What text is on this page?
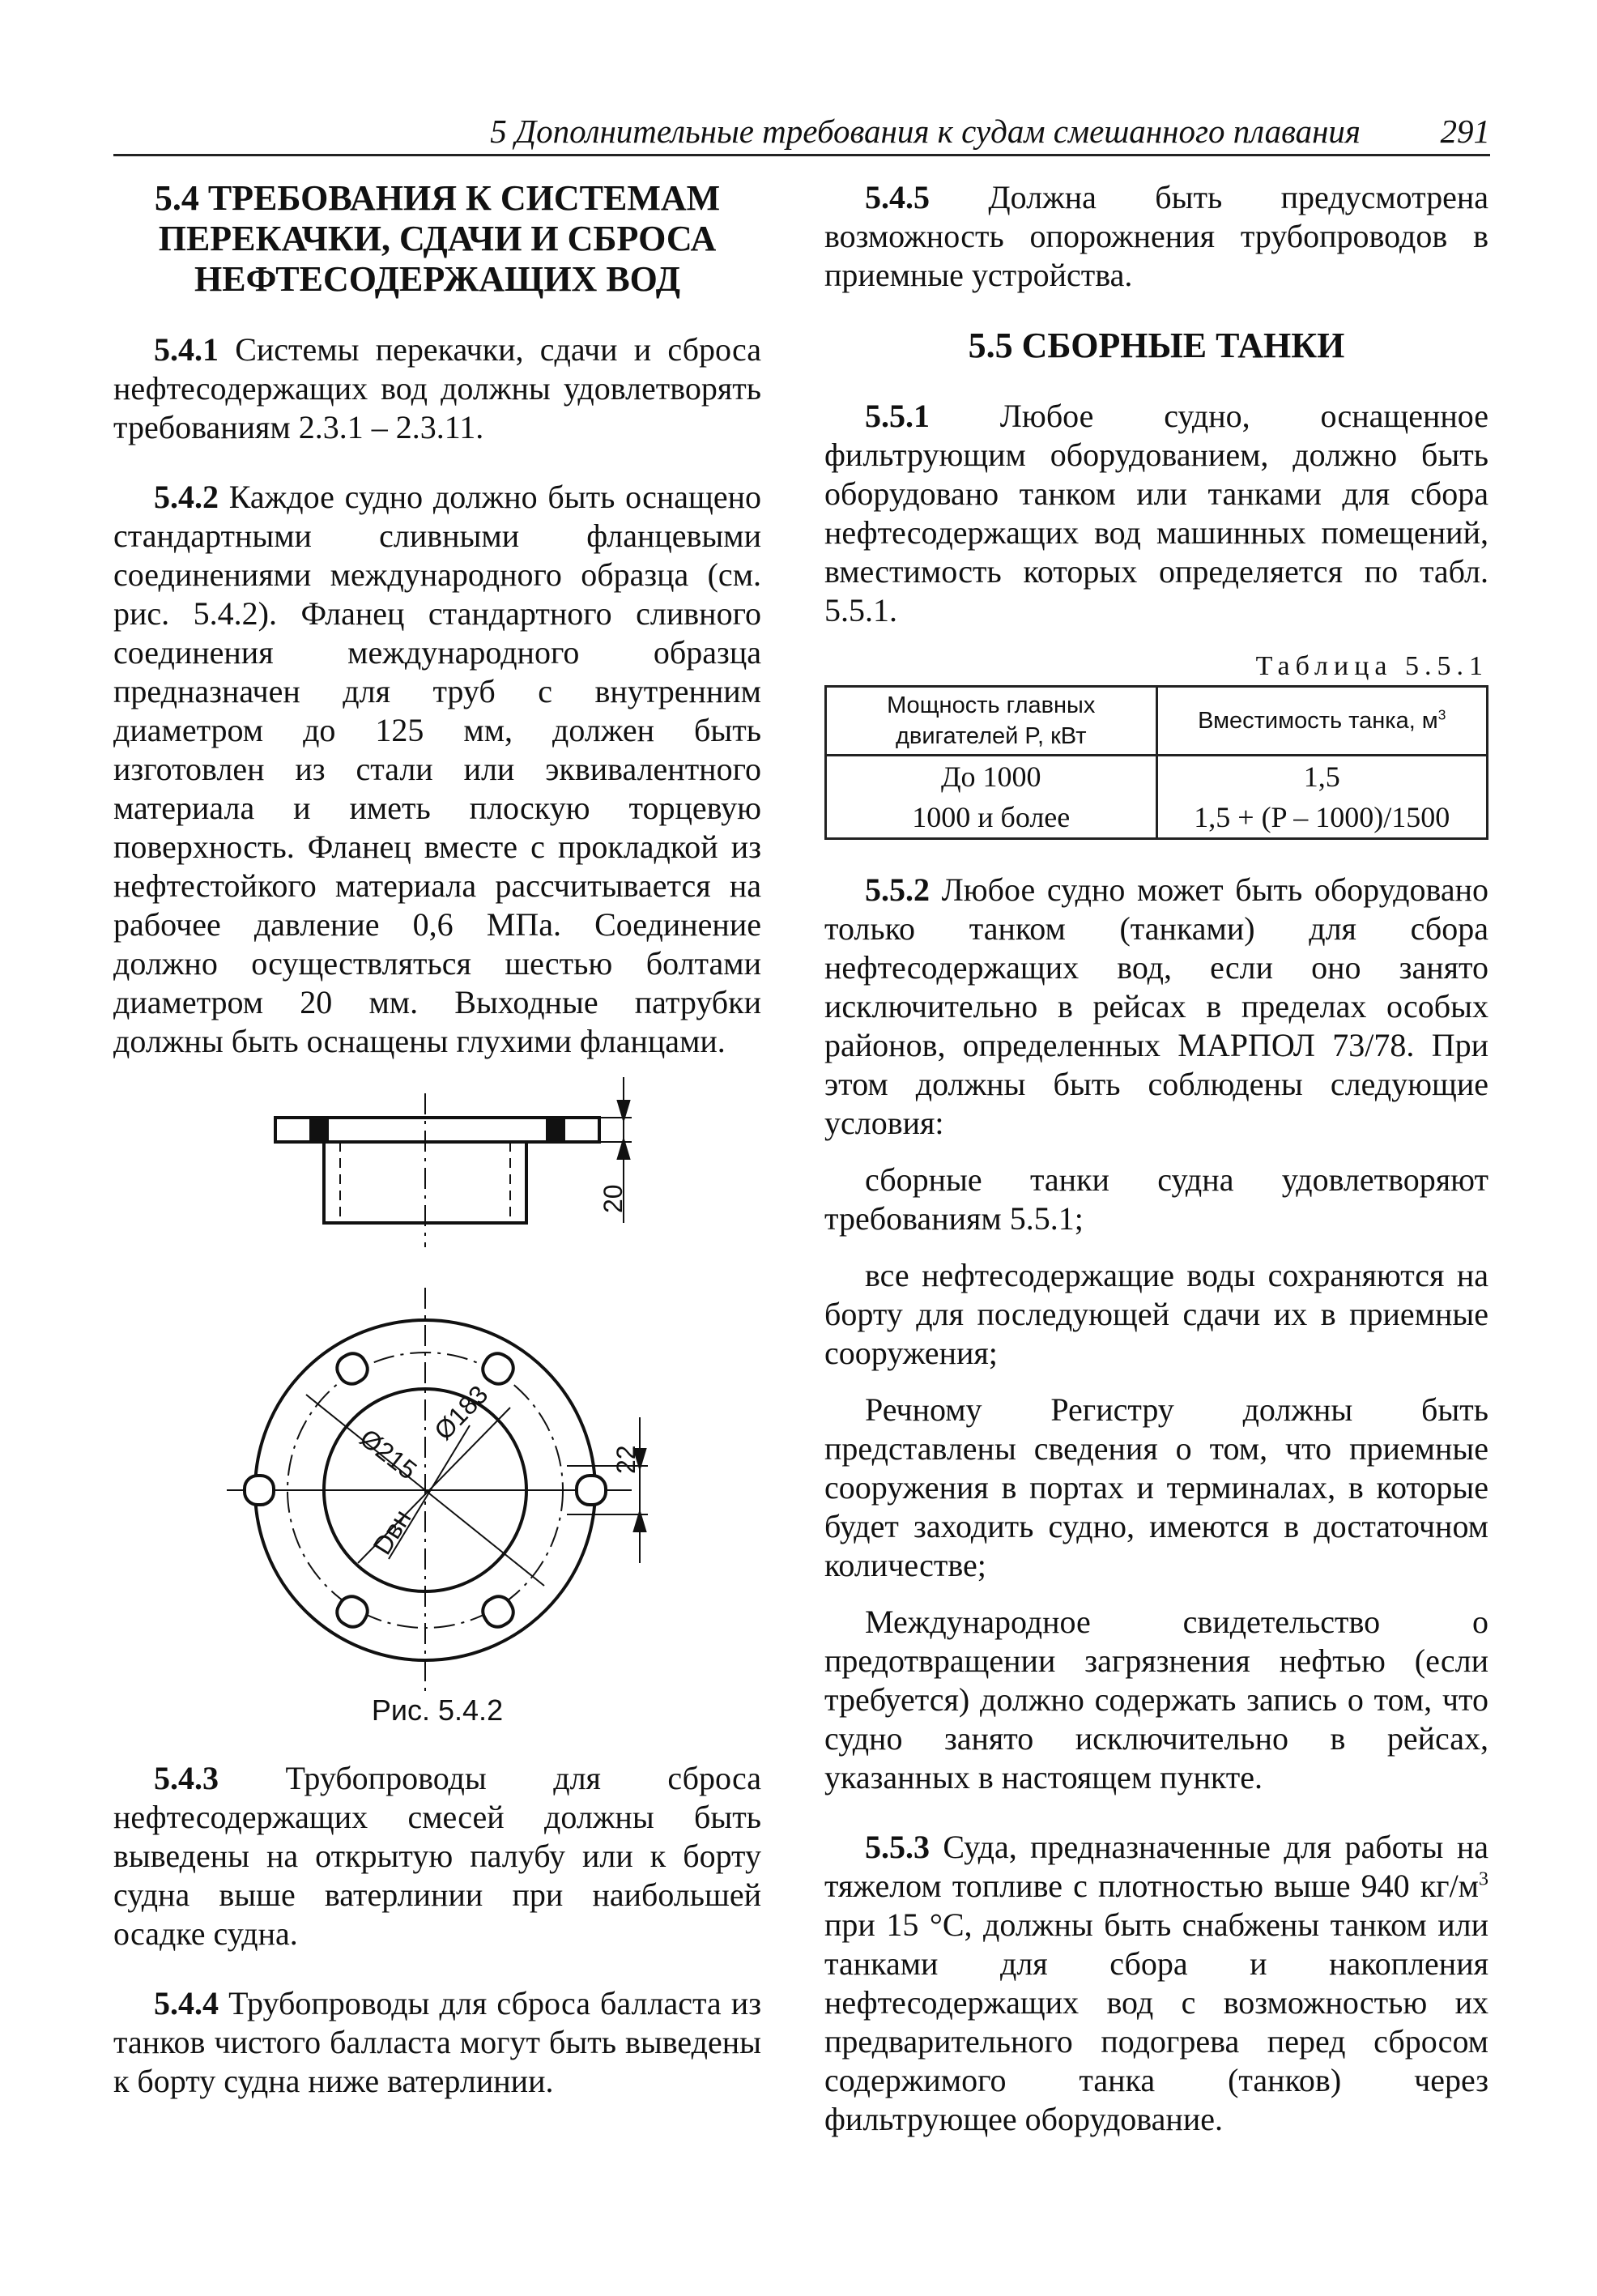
5 Дополнительные требования к судам смешанного плавания 291
5.4 ТРЕБОВАНИЯ К СИСТЕМАМ ПЕРЕКАЧКИ, СДАЧИ И СБРОСА НЕФТЕСОДЕРЖАЩИХ ВОД

5.4.1 Системы перекачки, сдачи и сброса нефтесодержащих вод должны удовлетворять требованиям 2.3.1 – 2.3.11.

5.4.2 Каждое судно должно быть оснащено стандартными сливными фланцевыми соединениями международного образца (см. рис. 5.4.2). Фланец стандартного сливного соединения международного образца предназначен для труб с внутренним диаметром до 125 мм, должен быть изготовлен из стали или эквивалентного материала и иметь плоскую торцевую поверхность. Фланец вместе с прокладкой из нефтестойкого материала рассчитывается на рабочее давление 0,6 МПа. Соединение должно осуществляться шестью болтами диаметром 20 мм. Выходные патрубки должны быть оснащены глухими фланцами.

20
22
Ø215
Ø183
Dвн

Рис. 5.4.2

5.4.3 Трубопроводы для сброса нефтесодержащих смесей должны быть выведены на открытую палубу или к борту судна выше ватерлинии при наибольшей осадке судна.

5.4.4 Трубопроводы для сброса балласта из танков чистого балласта могут быть выведены к борту судна ниже ватерлинии.

5.4.5 Должна быть предусмотрена возможность опорожнения трубопроводов в приемные устройства.

5.5 СБОРНЫЕ ТАНКИ

5.5.1 Любое судно, оснащенное фильтрующим оборудованием, должно быть оборудовано танком или танками для сбора нефтесодержащих вод машинных помещений, вместимость которых определяется по табл. 5.5.1.

Таблица 5.5.1

Мощность главных двигателей P, кВт	Вместимость танка, $м^3$
До 1000	1,5
1000 и более	1,5 + (P – 1000)/1500

5.5.2 Любое судно может быть оборудовано только танком (танками) для сбора нефтесодержащих вод, если оно занято исключительно в рейсах в пределах особых районов, определенных МАРПОЛ 73/78. При этом должны быть соблюдены следующие условия:

сборные танки судна удовлетворяют требованиям 5.5.1;

все нефтесодержащие воды сохраняются на борту для последующей сдачи их в приемные сооружения;

Речному Регистру должны быть представлены сведения о том, что приемные сооружения в портах и терминалах, в которые будет заходить судно, имеются в достаточном количестве;

Международное свидетельство о предотвращении загрязнения нефтью (если требуется) должно содержать запись о том, что судно занято исключительно в рейсах, указанных в настоящем пункте.

5.5.3 Суда, предназначенные для работы на тяжелом топливе с плотностью выше 940 $кг/м^3$ при 15 °С, должны быть снабжены танком или танками для сбора и накопления нефтесодержащих вод с возможностью их предварительного подогрева перед сбросом содержимого танка (танков) через фильтрующее оборудование.
